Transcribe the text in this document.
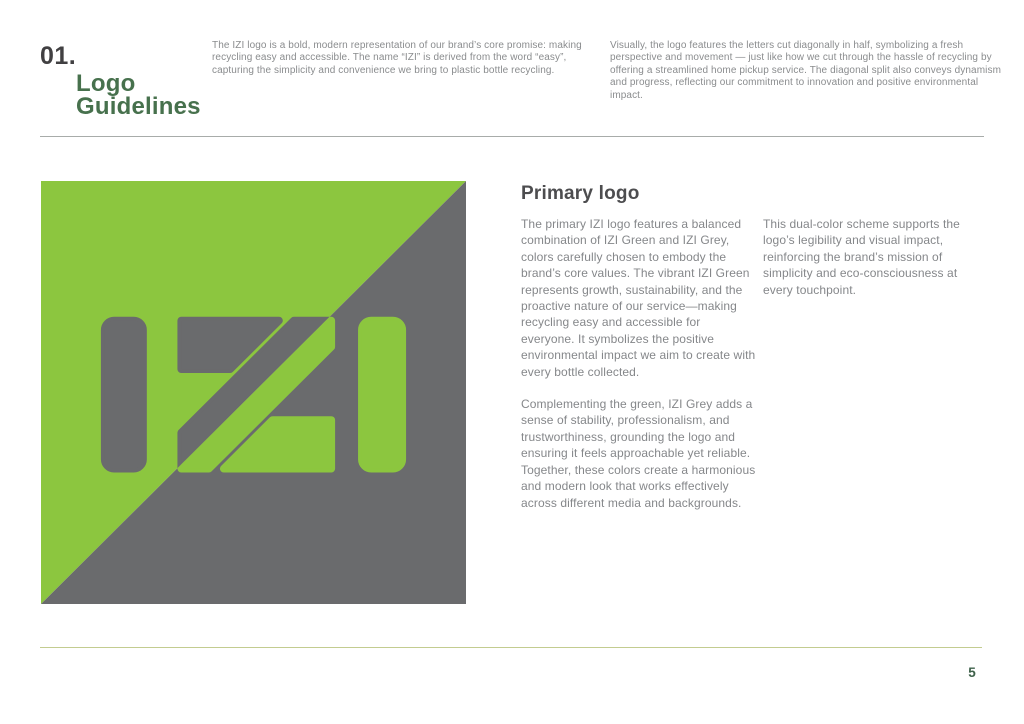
01.
Logo
Guidelines
The IZI logo is a bold, modern representation of our brand’s core promise: making recycling easy and accessible. The name “IZI” is derived from the word “easy”, capturing the simplicity and convenience we bring to plastic bottle recycling.
Visually, the logo features the letters cut diagonally in half, symbolizing a fresh perspective and movement — just like how we cut through the hassle of recycling by offering a streamlined home pickup service. The diagonal split also conveys dynamism and progress, reflecting our commitment to innovation and positive environmental impact.
Primary logo

The primary IZI logo features a balanced combination of IZI Green and IZI Grey, colors carefully chosen to embody the brand’s core values. The vibrant IZI Green represents growth, sustainability, and the proactive nature of our service—making recycling easy and accessible for everyone. It symbolizes the positive environmental impact we aim to create with every bottle collected.

Complementing the green, IZI Grey adds a sense of stability, professionalism, and trustworthiness, grounding the logo and ensuring it feels approachable yet reliable. Together, these colors create a harmonious and modern look that works effectively across different media and backgrounds.

This dual-color scheme supports the logo’s legibility and visual impact, reinforcing the brand’s mission of simplicity and eco-consciousness at every touchpoint.

5
